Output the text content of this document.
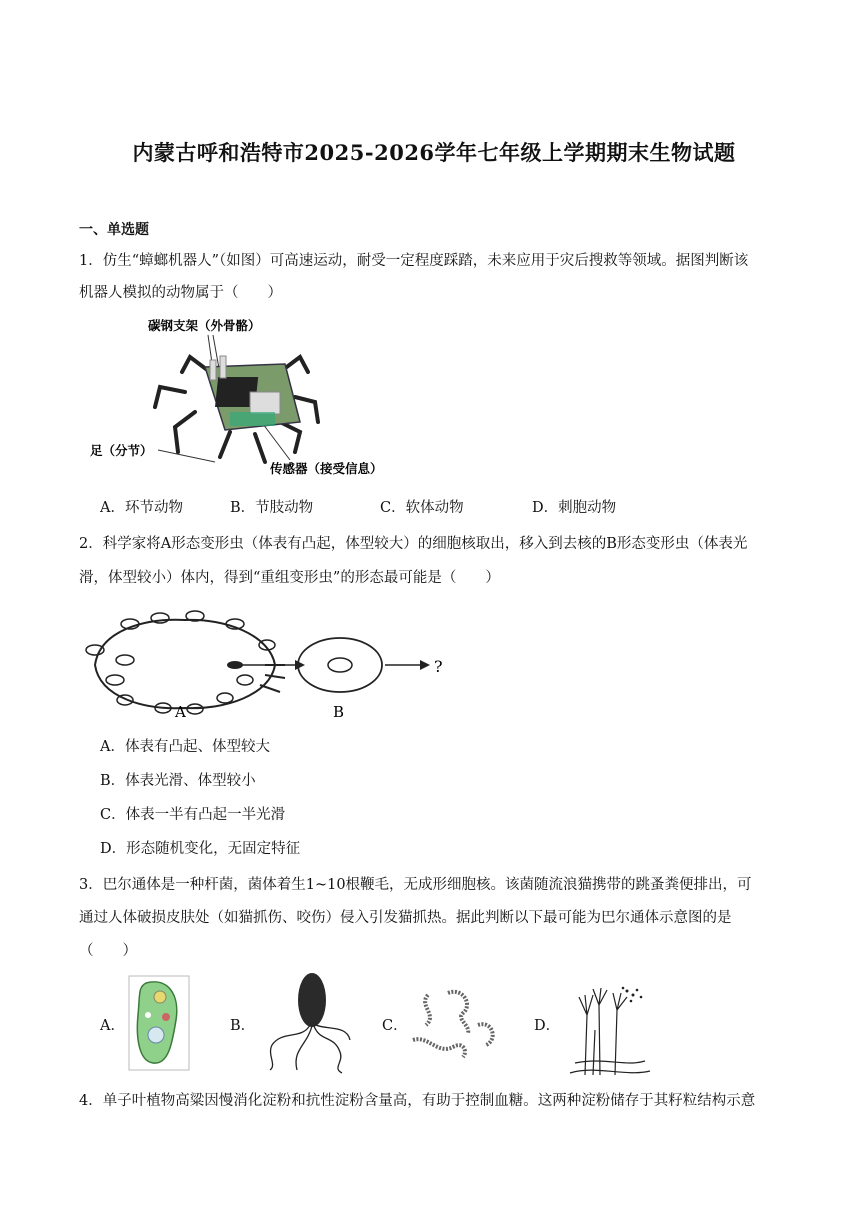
内蒙古呼和浩特市2025-2026学年七年级上学期期末生物试题
一、单选题
1．仿生“蟑螂机器人”（如图）可高速运动，耐受一定程度踩踏，未来应用于灾后搜救等领域。据图判断该
机器人模拟的动物属于（　　）
碳钢支架（外骨骼）
足（分节）
传感器（接受信息）
A．环节动物	B．节肢动物	C．软体动物	D．刺胞动物
2．科学家将A形态变形虫（体表有凸起，体型较大）的细胞核取出，移入到去核的B形态变形虫（体表光
滑，体型较小）体内，得到“重组变形虫”的形态最可能是（　　）
?
A	B
A．体表有凸起、体型较大
B．体表光滑、体型较小
C．体表一半有凸起一半光滑
D．形态随机变化，无固定特征
3．巴尔通体是一种杆菌，菌体着生1~10根鞭毛，无成形细胞核。该菌随流浪猫携带的跳蚤粪便排出，可
通过人体破损皮肤处（如猫抓伤、咬伤）侵入引发猫抓热。据此判断以下最可能为巴尔通体示意图的是
（　　）
A．	B．	C．	D．
4．单子叶植物高粱因慢消化淀粉和抗性淀粉含量高，有助于控制血糖。这两种淀粉储存于其籽粒结构示意
